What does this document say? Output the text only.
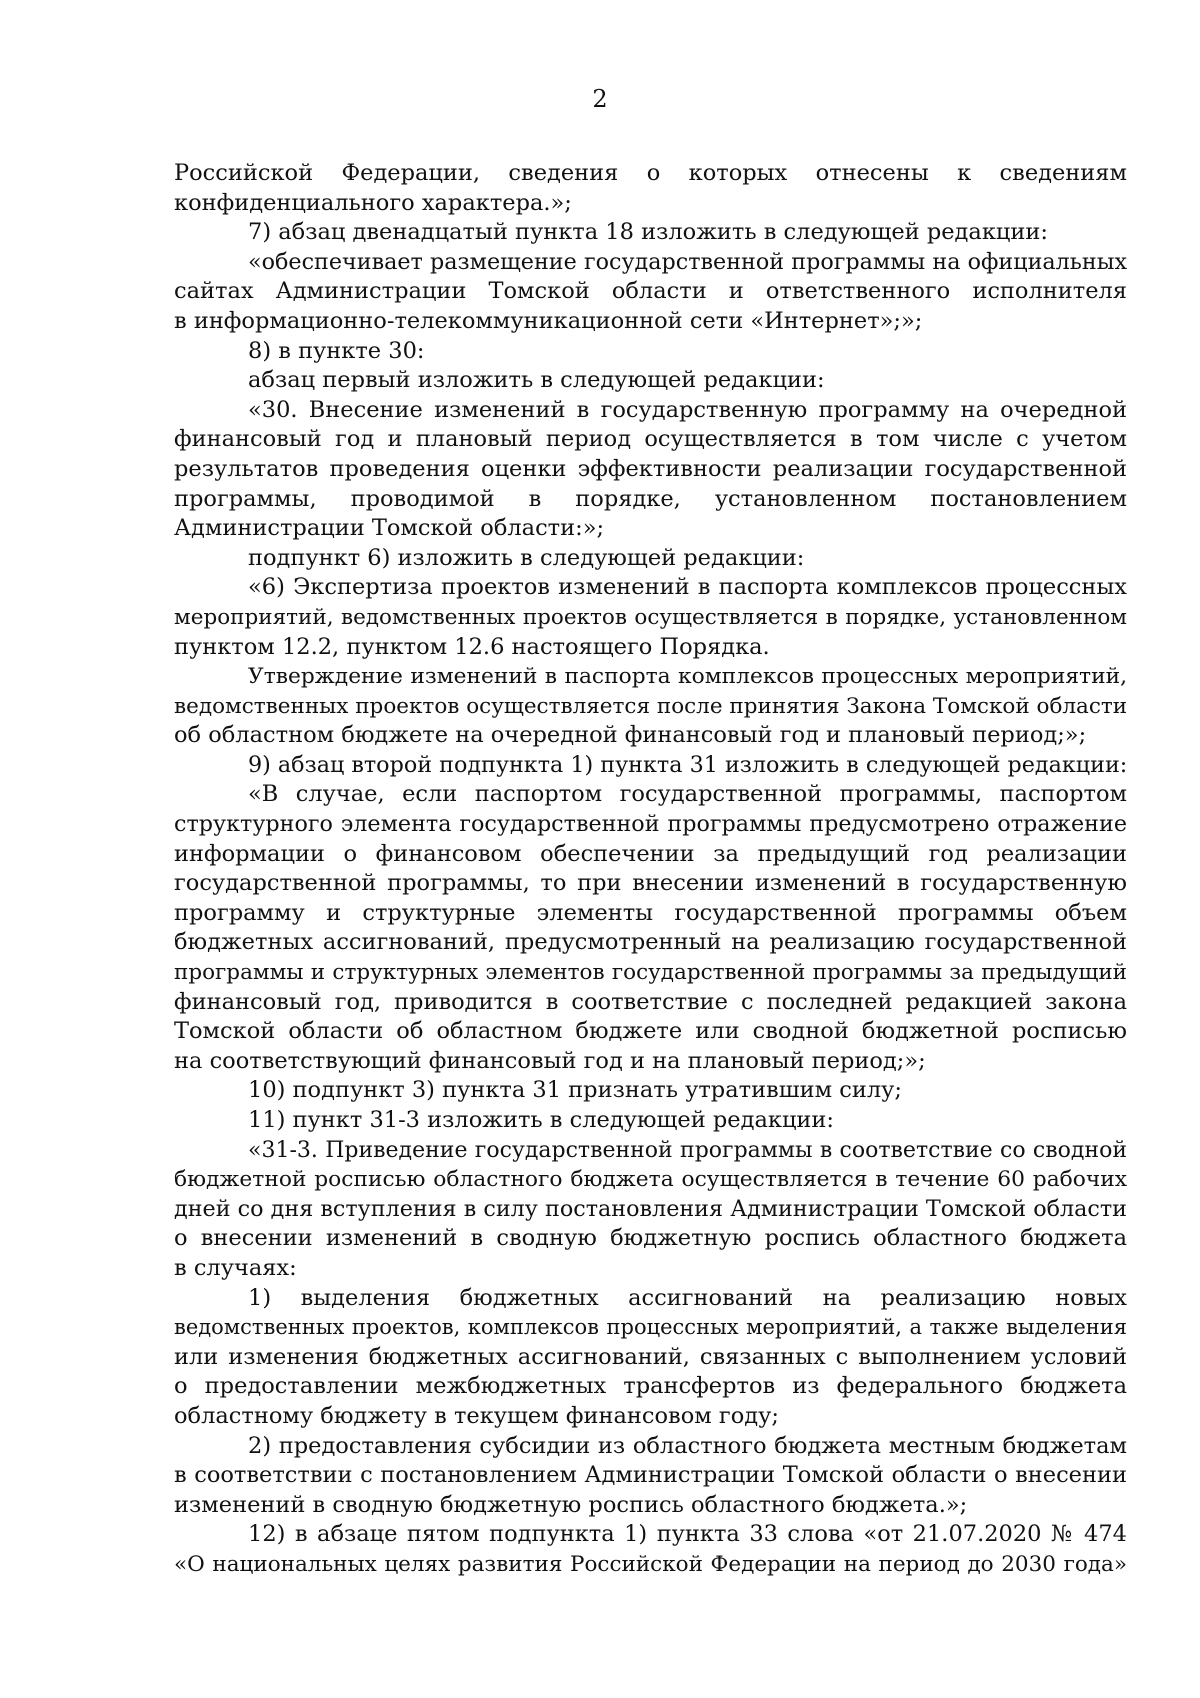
2
Российской Федерации, сведения о которых отнесены к сведениям
конфиденциального характера.»;
7) абзац двенадцатый пункта 18 изложить в следующей редакции:
«обеспечивает размещение государственной программы на официальных
сайтах Администрации Томской области и ответственного исполнителя
в информационно-телекоммуникационной сети «Интернет»;»;
8) в пункте 30:
абзац первый изложить в следующей редакции:
«30. Внесение изменений в государственную программу на очередной
финансовый год и плановый период осуществляется в том числе с учетом
результатов проведения оценки эффективности реализации государственной
программы, проводимой в порядке, установленном постановлением
Администрации Томской области:»;
подпункт 6) изложить в следующей редакции:
«6) Экспертиза проектов изменений в паспорта комплексов процессных
мероприятий, ведомственных проектов осуществляется в порядке, установленном
пунктом 12.2, пунктом 12.6 настоящего Порядка.
Утверждение изменений в паспорта комплексов процессных мероприятий,
ведомственных проектов осуществляется после принятия Закона Томской области
об областном бюджете на очередной финансовый год и плановый период;»;
9) абзац второй подпункта 1) пункта 31 изложить в следующей редакции:
«В случае, если паспортом государственной программы, паспортом
структурного элемента государственной программы предусмотрено отражение
информации о финансовом обеспечении за предыдущий год реализации
государственной программы, то при внесении изменений в государственную
программу и структурные элементы государственной программы объем
бюджетных ассигнований, предусмотренный на реализацию государственной
программы и структурных элементов государственной программы за предыдущий
финансовый год, приводится в соответствие с последней редакцией закона
Томской области об областном бюджете или сводной бюджетной росписью
на соответствующий финансовый год и на плановый период;»;
10) подпункт 3) пункта 31 признать утратившим силу;
11) пункт 31-3 изложить в следующей редакции:
«31-3. Приведение государственной программы в соответствие со сводной
бюджетной росписью областного бюджета осуществляется в течение 60 рабочих
дней со дня вступления в силу постановления Администрации Томской области
о внесении изменений в сводную бюджетную роспись областного бюджета
в случаях:
1) выделения бюджетных ассигнований на реализацию новых
ведомственных проектов, комплексов процессных мероприятий, а также выделения
или изменения бюджетных ассигнований, связанных с выполнением условий
о предоставлении межбюджетных трансфертов из федерального бюджета
областному бюджету в текущем финансовом году;
2) предоставления субсидии из областного бюджета местным бюджетам
в соответствии с постановлением Администрации Томской области о внесении
изменений в сводную бюджетную роспись областного бюджета.»;
12) в абзаце пятом подпункта 1) пункта 33 слова «от 21.07.2020 № 474
«О национальных целях развития Российской Федерации на период до 2030 года»
